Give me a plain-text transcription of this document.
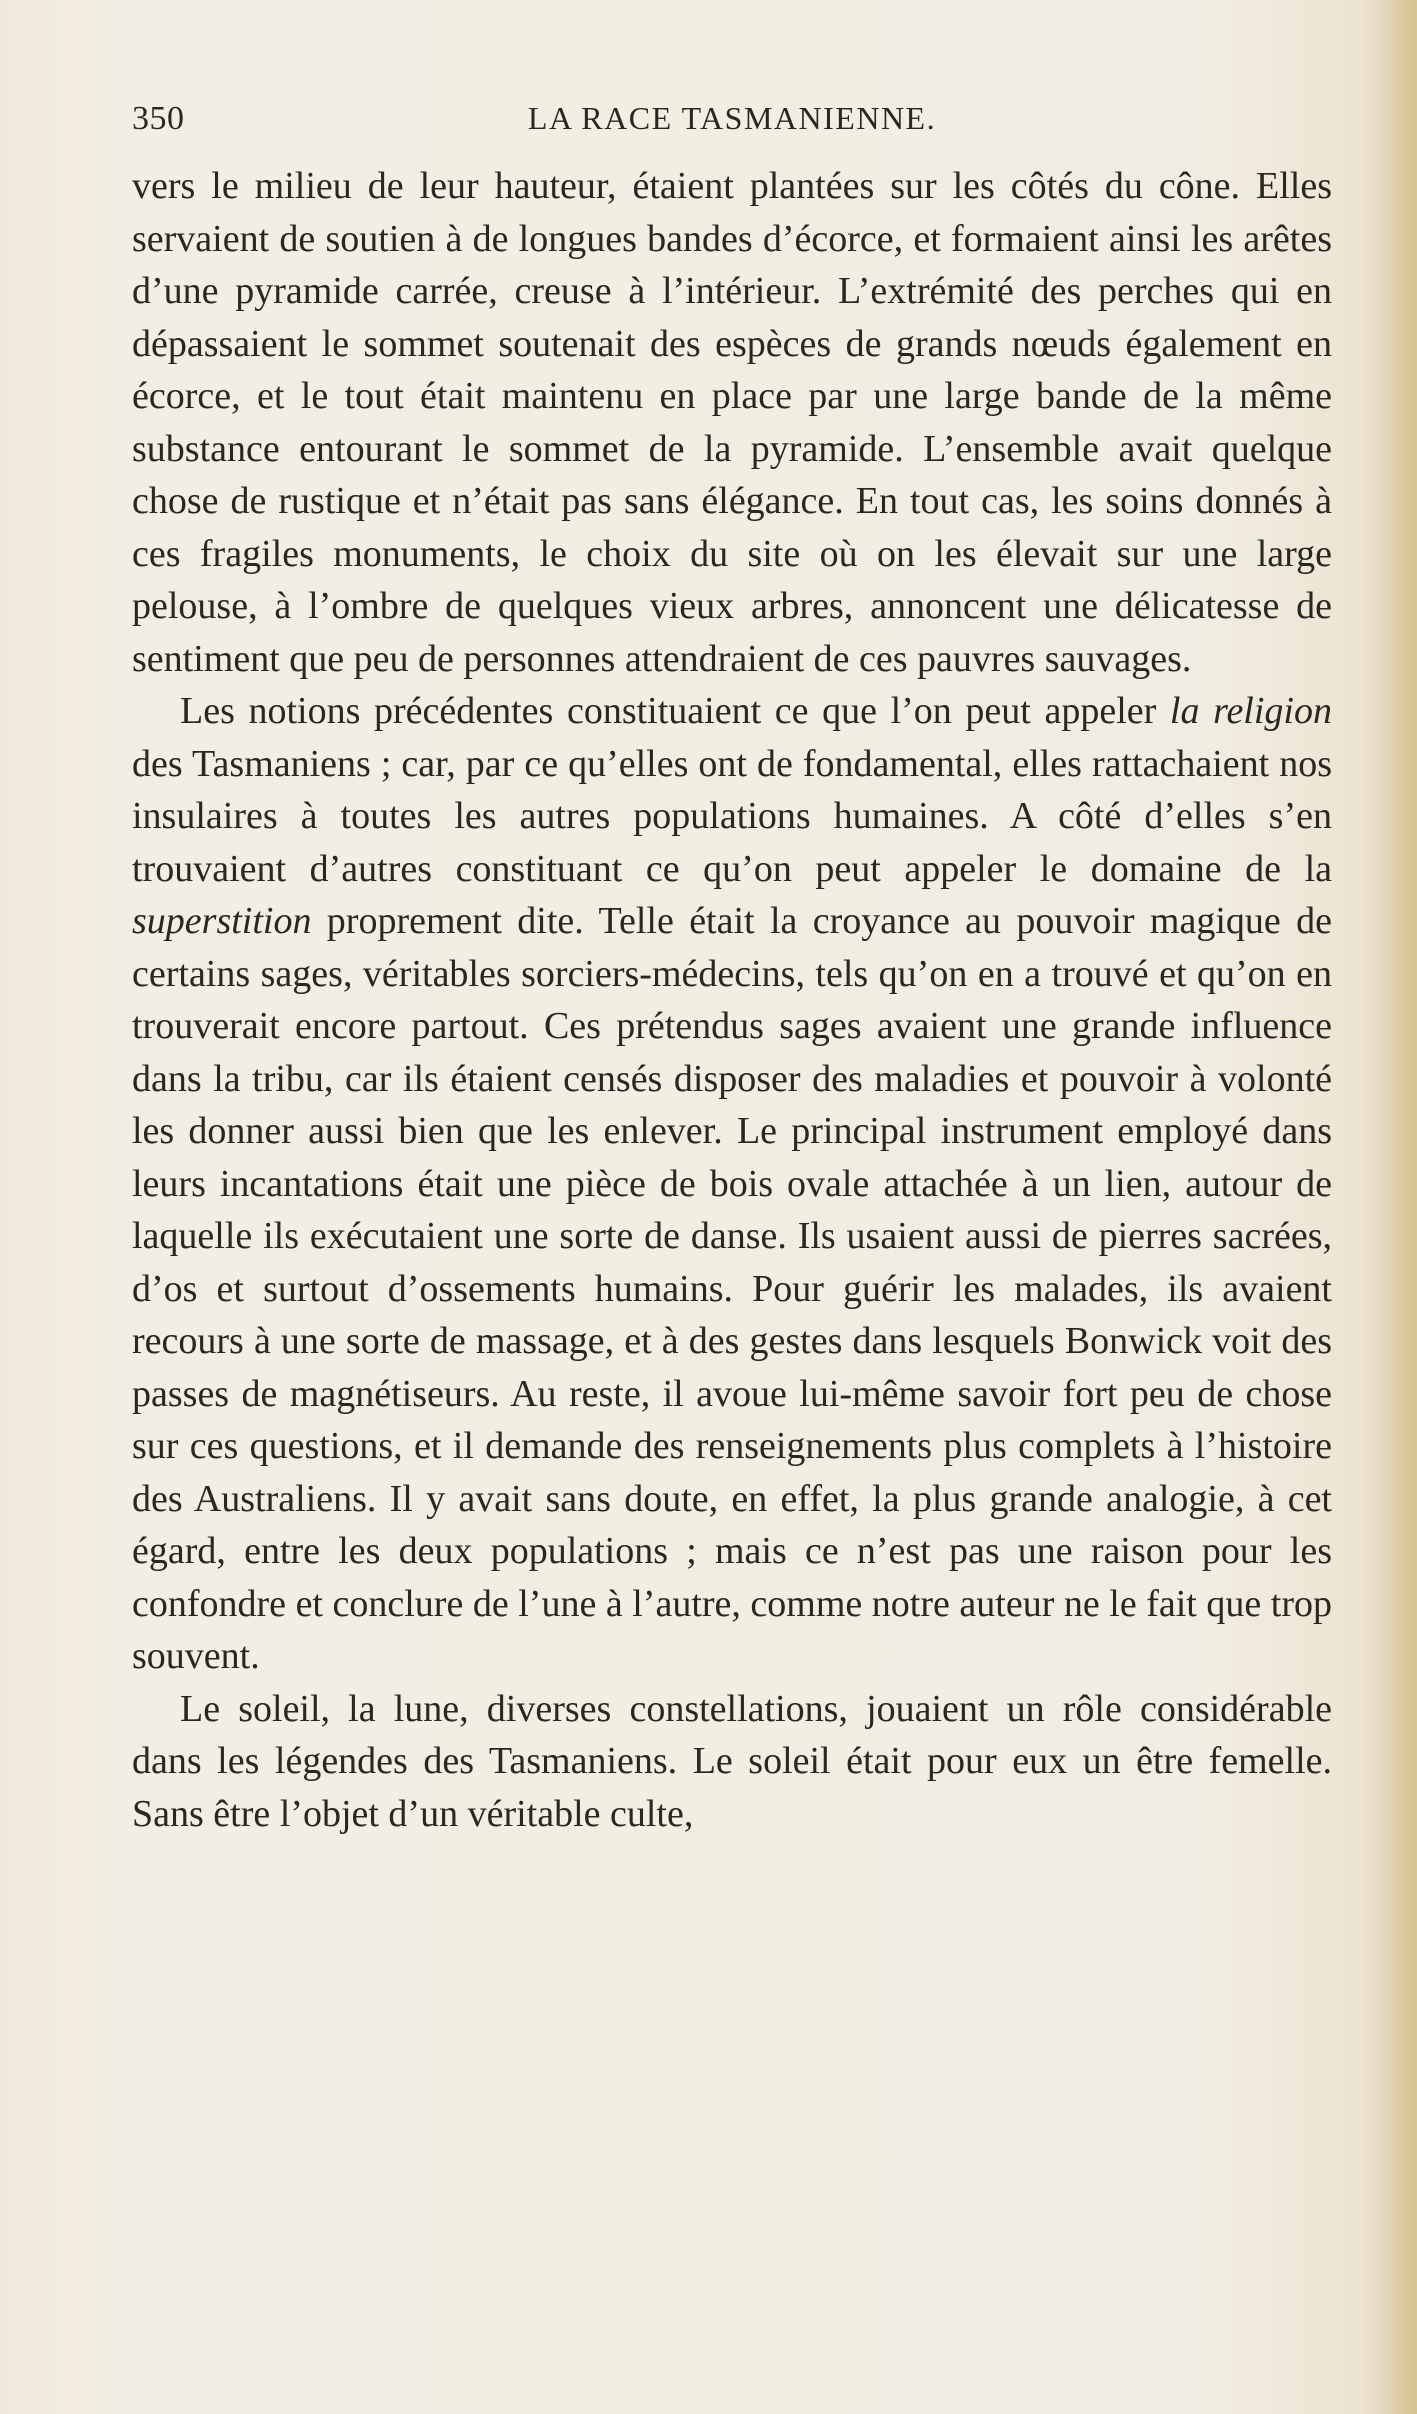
350	LA RACE TASMANIENNE.

vers le milieu de leur hauteur, étaient plantées sur les côtés du cône. Elles servaient de soutien à de longues bandes d’écorce, et formaient ainsi les arêtes d’une pyramide carrée, creuse à l’intérieur. L’extrémité des perches qui en dépassaient le sommet soutenait des espèces de grands nœuds également en écorce, et le tout était maintenu en place par une large bande de la même substance entourant le sommet de la pyramide. L’ensemble avait quelque chose de rustique et n’était pas sans élégance. En tout cas, les soins donnés à ces fragiles monuments, le choix du site où on les élevait sur une large pelouse, à l’ombre de quelques vieux arbres, annoncent une délicatesse de sentiment que peu de personnes attendraient de ces pauvres sauvages.

Les notions précédentes constituaient ce que l’on peut appeler la religion des Tasmaniens ; car, par ce qu’elles ont de fondamental, elles rattachaient nos insulaires à toutes les autres populations humaines. A côté d’elles s’en trouvaient d’autres constituant ce qu’on peut appeler le domaine de la superstition proprement dite. Telle était la croyance au pouvoir magique de certains sages, véritables sorciers-médecins, tels qu’on en a trouvé et qu’on en trouverait encore partout. Ces prétendus sages avaient une grande influence dans la tribu, car ils étaient censés disposer des maladies et pouvoir à volonté les donner aussi bien que les enlever. Le principal instrument employé dans leurs incantations était une pièce de bois ovale attachée à un lien, autour de laquelle ils exécutaient une sorte de danse. Ils usaient aussi de pierres sacrées, d’os et surtout d’ossements humains. Pour guérir les malades, ils avaient recours à une sorte de massage, et à des gestes dans lesquels Bonwick voit des passes de magnétiseurs. Au reste, il avoue lui-même savoir fort peu de chose sur ces questions, et il demande des renseignements plus complets à l’histoire des Australiens. Il y avait sans doute, en effet, la plus grande analogie, à cet égard, entre les deux populations ; mais ce n’est pas une raison pour les confondre et conclure de l’une à l’autre, comme notre auteur ne le fait que trop souvent.

Le soleil, la lune, diverses constellations, jouaient un rôle considérable dans les légendes des Tasmaniens. Le soleil était pour eux un être femelle. Sans être l’objet d’un véritable culte,
